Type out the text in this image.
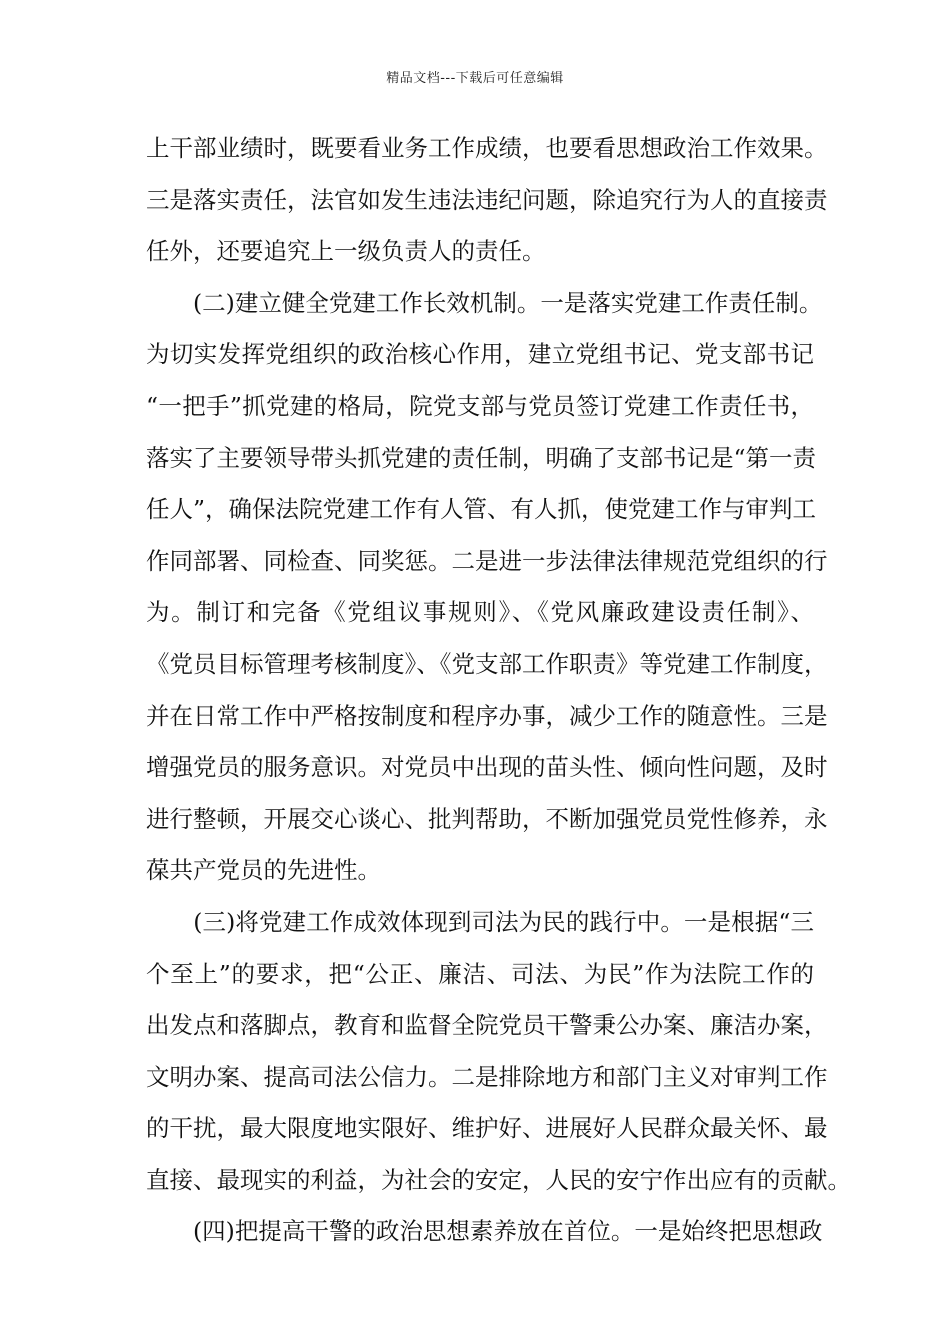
精品文档---下载后可任意编辑
上干部业绩时，既要看业务工作成绩，也要看思想政治工作效果。
三是落实责任，法官如发生违法违纪问题，除追究行为人的直接责
任外，还要追究上一级负责人的责任。
　　(二)建立健全党建工作长效机制。一是落实党建工作责任制。
为切实发挥党组织的政治核心作用，建立党组书记、党支部书记
“一把手”抓党建的格局，院党支部与党员签订党建工作责任书，
落实了主要领导带头抓党建的责任制，明确了支部书记是“第一责
任人”，确保法院党建工作有人管、有人抓，使党建工作与审判工
作同部署、同检查、同奖惩。二是进一步法律法律规范党组织的行
为。制订和完备《党组议事规则》、《党风廉政建设责任制》、
《党员目标管理考核制度》、《党支部工作职责》等党建工作制度，
并在日常工作中严格按制度和程序办事，减少工作的随意性。三是
增强党员的服务意识。对党员中出现的苗头性、倾向性问题，及时
进行整顿，开展交心谈心、批判帮助，不断加强党员党性修养，永
葆共产党员的先进性。
　　(三)将党建工作成效体现到司法为民的践行中。一是根据“三
个至上”的要求，把“公正、廉洁、司法、为民”作为法院工作的
出发点和落脚点，教育和监督全院党员干警秉公办案、廉洁办案，
文明办案、提高司法公信力。二是排除地方和部门主义对审判工作
的干扰，最大限度地实限好、维护好、进展好人民群众最关怀、最
直接、最现实的利益，为社会的安定，人民的安宁作出应有的贡献。
　　(四)把提高干警的政治思想素养放在首位。一是始终把思想政
